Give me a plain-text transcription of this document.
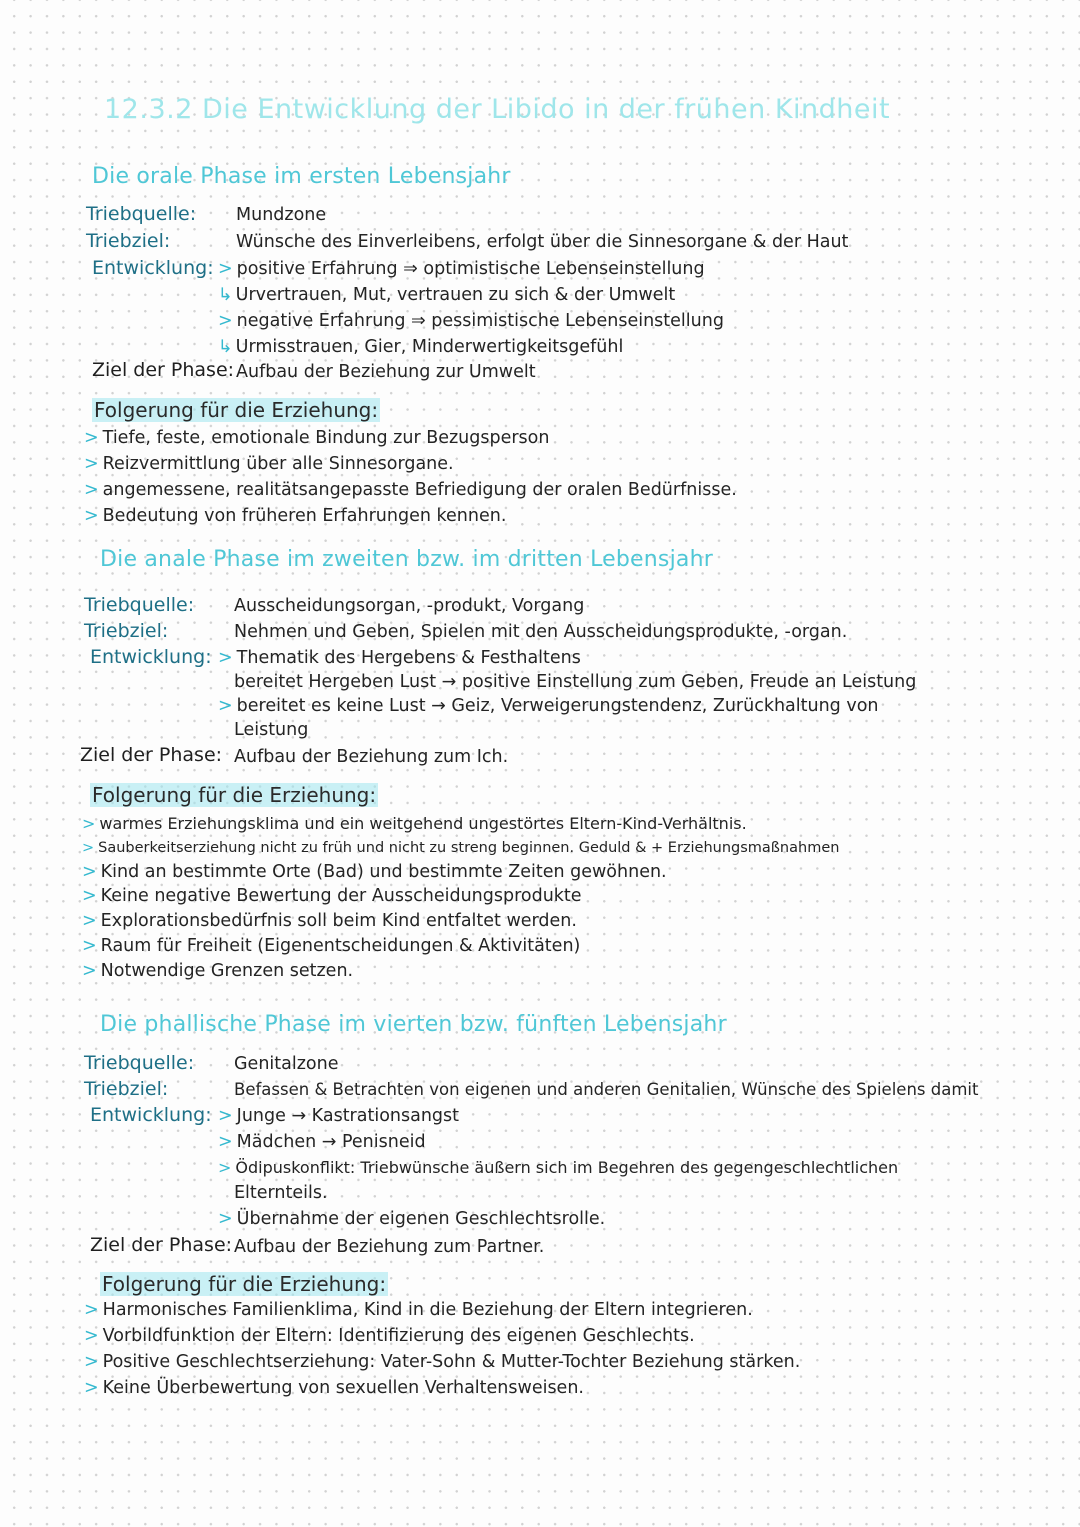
12.3.2 Die Entwicklung der Libido in der frühen Kindheit
Die orale Phase im ersten Lebensjahr
Triebquelle: Mundzone
Triebziel:	Wünsche des Einverleibens, erfolgt über die Sinnesorgane & der Haut
Entwicklung: > positive Erfahrung ⇒ optimistische Lebenseinstellung
↳ Urvertrauen, Mut, vertrauen zu sich & der Umwelt
> negative Erfahrung ⇒ pessimistische Lebenseinstellung
↳ Urmisstrauen, Gier, Minderwertigkeitsgefühl
Ziel der Phase: Aufbau der Beziehung zur Umwelt
Folgerung für die Erziehung:
> Tiefe, feste, emotionale Bindung zur Bezugsperson
> Reizvermittlung über alle Sinnesorgane.
> angemessene, realitätsangepasste Befriedigung der oralen Bedürfnisse.
> Bedeutung von früheren Erfahrungen kennen.
Die anale Phase im zweiten bzw. im dritten Lebensjahr
Triebquelle: Ausscheidungsorgan, -produkt, Vorgang
Triebziel:	Nehmen und Geben, Spielen mit den Ausscheidungsprodukte, -organ.
Entwicklung: > Thematik des Hergebens & Festhaltens
bereitet Hergeben Lust → positive Einstellung zum Geben, Freude an Leistung
> bereitet es keine Lust → Geiz, Verweigerungstendenz, Zurückhaltung von
Leistung
Ziel der Phase: Aufbau der Beziehung zum Ich.
Folgerung für die Erziehung:
> warmes Erziehungsklima und ein weitgehend ungestörtes Eltern-Kind-Verhältnis.
> Sauberkeitserziehung nicht zu früh und nicht zu streng beginnen. Geduld & + Erziehungsmaßnahmen
> Kind an bestimmte Orte (Bad) und bestimmte Zeiten gewöhnen.
> Keine negative Bewertung der Ausscheidungsprodukte
> Explorationsbedürfnis soll beim Kind entfaltet werden.
> Raum für Freiheit (Eigenentscheidungen & Aktivitäten)
> Notwendige Grenzen setzen.
Die phallische Phase im vierten bzw. fünften Lebensjahr
Triebquelle: Genitalzone
Triebziel:	Befassen & Betrachten von eigenen und anderen Genitalien, Wünsche des Spielens damit
Entwicklung: > Junge → Kastrationsangst
> Mädchen → Penisneid
> Ödipuskonflikt: Triebwünsche äußern sich im Begehren des gegengeschlechtlichen
Elternteils.
> Übernahme der eigenen Geschlechtsrolle.
Ziel der Phase: Aufbau der Beziehung zum Partner.
Folgerung für die Erziehung:
> Harmonisches Familienklima, Kind in die Beziehung der Eltern integrieren.
> Vorbildfunktion der Eltern: Identifizierung des eigenen Geschlechts.
> Positive Geschlechtserziehung: Vater-Sohn & Mutter-Tochter Beziehung stärken.
> Keine Überbewertung von sexuellen Verhaltensweisen.
